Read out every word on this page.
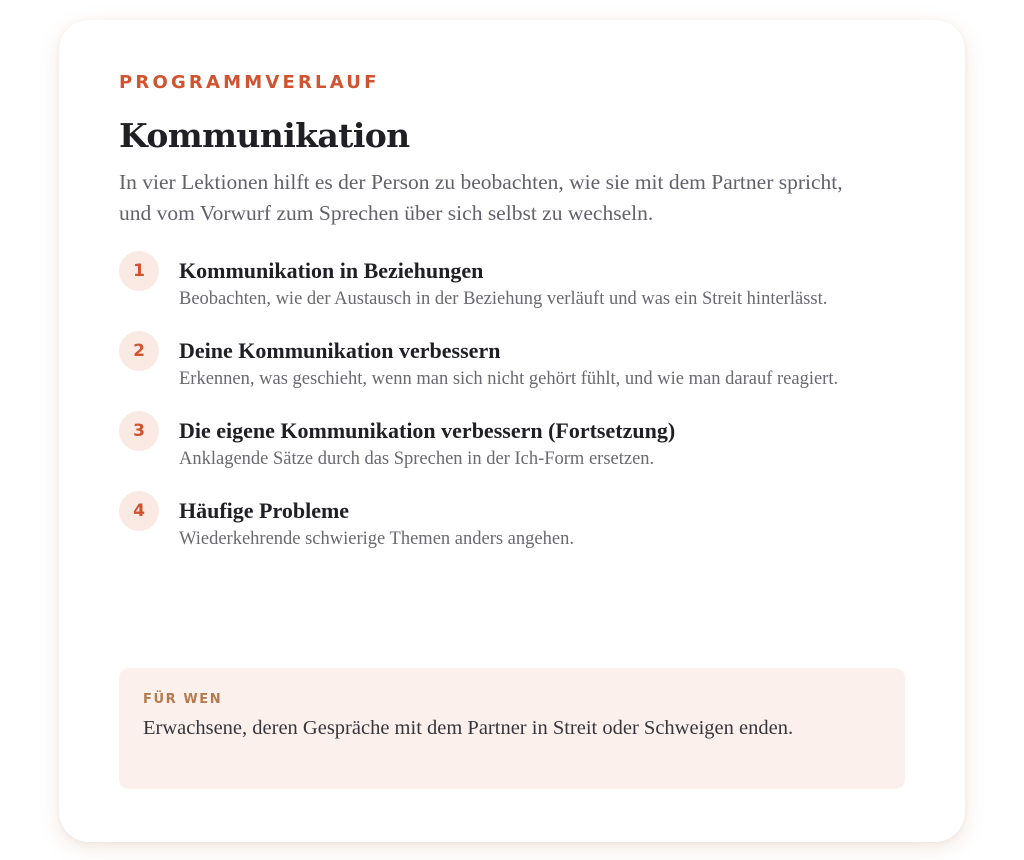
PROGRAMMVERLAUF
Kommunikation
In vier Lektionen hilft es der Person zu beobachten, wie sie mit dem Partner spricht, und vom Vorwurf zum Sprechen über sich selbst zu wechseln.
1	Kommunikation in Beziehungen
Beobachten, wie der Austausch in der Beziehung verläuft und was ein Streit hinterlässt.
2	Deine Kommunikation verbessern
Erkennen, was geschieht, wenn man sich nicht gehört fühlt, und wie man darauf reagiert.
3	Die eigene Kommunikation verbessern (Fortsetzung)
Anklagende Sätze durch das Sprechen in der Ich-Form ersetzen.
4	Häufige Probleme
Wiederkehrende schwierige Themen anders angehen.
FÜR WEN
Erwachsene, deren Gespräche mit dem Partner in Streit oder Schweigen enden.
